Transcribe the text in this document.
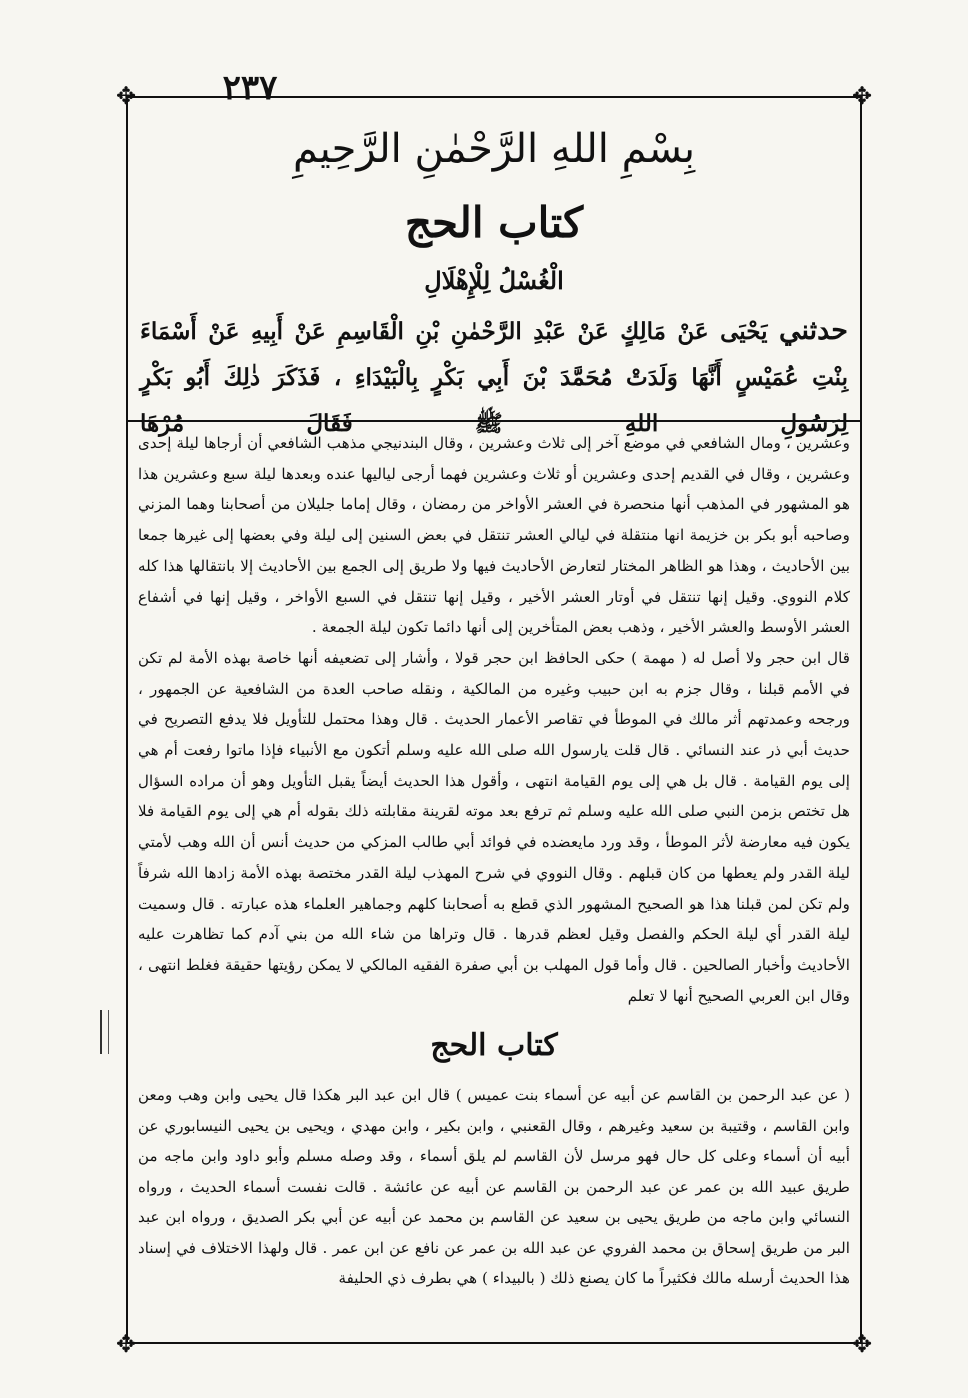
٢٣٧
✥	✥
✥	✥
بِسْمِ اللهِ الرَّحْمٰنِ الرَّحِيمِ
كتاب الحج
الْغُسْلُ لِلْإِهْلَالِ
حدثني يَحْيَى عَنْ مَالِكٍ عَنْ عَبْدِ الرَّحْمٰنِ بْنِ الْقَاسِمِ عَنْ أَبِيهِ عَنْ أَسْمَاءَ بِنْتِ عُمَيْسٍ أَنَّهَا وَلَدَتْ مُحَمَّدَ بْنَ أَبِي بَكْرٍ بِالْبَيْدَاءِ ، فَذَكَرَ ذٰلِكَ أَبُو بَكْرٍ لِرَسُولِ اللهِ ﷺ فَقَالَ مُرْهَا

وعشرين ، ومال الشافعي في موضع آخر إلى ثلاث وعشرين ، وقال البندنيجي مذهب الشافعي أن أرجاها ليلة إحدى وعشرين ، وقال في القديم إحدى وعشرين أو ثلاث وعشرين فهما أرجى لياليها عنده وبعدها ليلة سبع وعشرين هذا هو المشهور في المذهب أنها منحصرة في العشر الأواخر من رمضان ، وقال إماما جليلان من أصحابنا وهما المزني وصاحبه أبو بكر بن خزيمة انها منتقلة في ليالي العشر تنتقل في بعض السنين إلى ليلة وفي بعضها إلى غيرها جمعا بين الأحاديث ، وهذا هو الظاهر المختار لتعارض الأحاديث فيها ولا طريق إلى الجمع بين الأحاديث إلا بانتقالها هذا كله كلام النووي. وقيل إنها تنتقل في أوتار العشر الأخير ، وقيل إنها تنتقل في السبع الأواخر ، وقيل إنها في أشفاع العشر الأوسط والعشر الأخير ، وذهب بعض المتأخرين إلى أنها دائما تكون ليلة الجمعة .

قال ابن حجر ولا أصل له ( مهمة ) حكى الحافظ ابن حجر قولا ، وأشار إلى تضعيفه أنها خاصة بهذه الأمة لم تكن في الأمم قبلنا ، وقال جزم به ابن حبيب وغيره من المالكية ، ونقله صاحب العدة من الشافعية عن الجمهور ، ورجحه وعمدتهم أثر مالك في الموطأ في تقاصر الأعمار الحديث . قال وهذا محتمل للتأويل فلا يدفع التصريح في حديث أبي ذر عند النسائي . قال قلت يارسول الله صلى الله عليه وسلم أتكون مع الأنبياء فإذا ماتوا رفعت أم هي إلى يوم القيامة . قال بل هي إلى يوم القيامة انتهى ، وأقول هذا الحديث أيضاً يقبل التأويل وهو أن مراده السؤال هل تختص بزمن النبي صلى الله عليه وسلم ثم ترفع بعد موته لقرينة مقابلته ذلك بقوله أم هي إلى يوم القيامة فلا يكون فيه معارضة لأثر الموطأ ، وقد ورد مايعضده في فوائد أبي طالب المزكي من حديث أنس أن الله وهب لأمتي ليلة القدر ولم يعطها من كان قبلهم . وقال النووي في شرح المهذب ليلة القدر مختصة بهذه الأمة زادها الله شرفاً ولم تكن لمن قبلنا هذا هو الصحيح المشهور الذي قطع به أصحابنا كلهم وجماهير العلماء هذه عبارته . قال وسميت ليلة القدر أي ليلة الحكم والفصل وقيل لعظم قدرها . قال وتراها من شاء الله من بني آدم كما تظاهرت عليه الأحاديث وأخبار الصالحين . قال وأما قول المهلب بن أبي صفرة الفقيه المالكي لا يمكن رؤيتها حقيقة فغلط انتهى ، وقال ابن العربي الصحيح أنها لا تعلم

كتاب الحج

( عن عبد الرحمن بن القاسم عن أبيه عن أسماء بنت عميس ) قال ابن عبد البر هكذا قال يحيى وابن وهب ومعن وابن القاسم ، وقتيبة بن سعيد وغيرهم ، وقال القعنبي ، وابن بكير ، وابن مهدي ، ويحيى بن يحيى النيسابوري عن أبيه أن أسماء وعلى كل حال فهو مرسل لأن القاسم لم يلق أسماء ، وقد وصله مسلم وأبو داود وابن ماجه من طريق عبيد الله بن عمر عن عبد الرحمن بن القاسم عن أبيه عن عائشة . قالت نفست أسماء الحديث ، ورواه النسائي وابن ماجه من طريق يحيى بن سعيد عن القاسم بن محمد عن أبيه عن أبي بكر الصديق ، ورواه ابن عبد البر من طريق إسحاق بن محمد الفروي عن عبد الله بن عمر عن نافع عن ابن عمر . قال ولهذا الاختلاف في إسناد هذا الحديث أرسله مالك فكثيراً ما كان يصنع ذلك ( بالبيداء ) هي بطرف ذي الحليفة
